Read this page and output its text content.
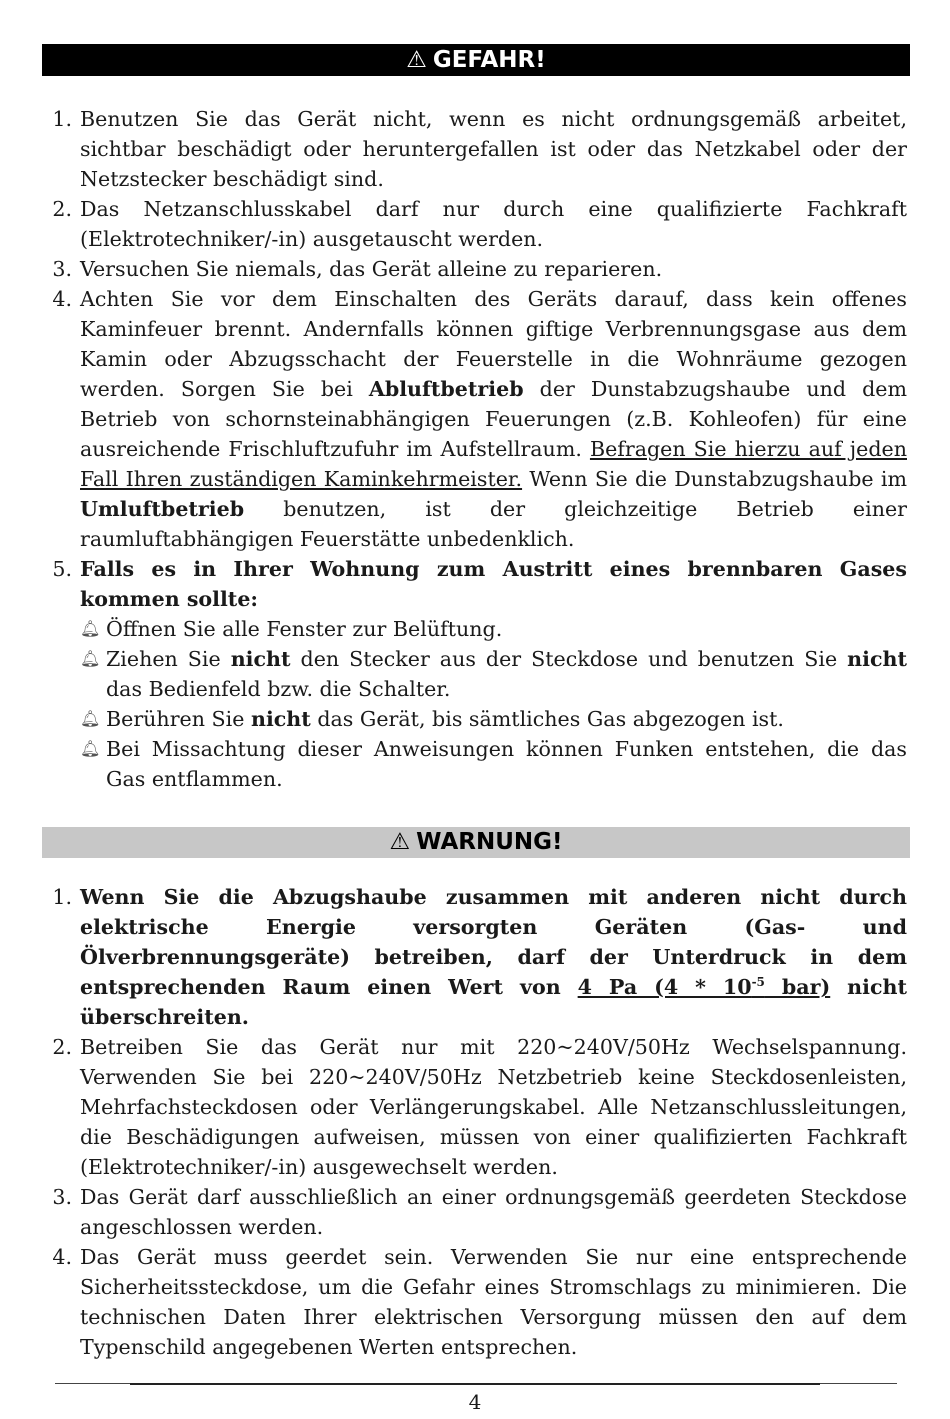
⚠ GEFAHR!
1. Benutzen Sie das Gerät nicht, wenn es nicht ordnungsgemäß arbeitet, sichtbar beschädigt oder heruntergefallen ist oder das Netzkabel oder der Netzstecker beschädigt sind.
2. Das Netzanschlusskabel darf nur durch eine qualifizierte Fachkraft (Elektrotechniker/-in) ausgetauscht werden.
3. Versuchen Sie niemals, das Gerät alleine zu reparieren.
4. Achten Sie vor dem Einschalten des Geräts darauf, dass kein offenes Kaminfeuer brennt. Andernfalls können giftige Verbrennungsgase aus dem Kamin oder Abzugsschacht der Feuerstelle in die Wohnräume gezogen werden. Sorgen Sie bei Abluftbetrieb der Dunstabzugshaube und dem Betrieb von schornsteinabhängigen Feuerungen (z.B. Kohleofen) für eine ausreichende Frischluftzufuhr im Aufstellraum. Befragen Sie hierzu auf jeden Fall Ihren zuständigen Kaminkehrmeister. Wenn Sie die Dunstabzugshaube im Umluftbetrieb benutzen, ist der gleichzeitige Betrieb einer raumluftabhängigen Feuerstätte unbedenklich.
5. Falls es in Ihrer Wohnung zum Austritt eines brennbaren Gases kommen sollte:
🔔︎ Öffnen Sie alle Fenster zur Belüftung.
🔔︎ Ziehen Sie nicht den Stecker aus der Steckdose und benutzen Sie nicht das Bedienfeld bzw. die Schalter.
🔔︎ Berühren Sie nicht das Gerät, bis sämtliches Gas abgezogen ist.
🔔︎ Bei Missachtung dieser Anweisungen können Funken entstehen, die das Gas entflammen.
⚠ WARNUNG!
1. Wenn Sie die Abzugshaube zusammen mit anderen nicht durch elektrische Energie versorgten Geräten (Gas- und Ölverbrennungsgeräte) betreiben, darf der Unterdruck in dem entsprechenden Raum einen Wert von 4 Pa ($4 * 10^{-5}$ bar) nicht überschreiten.
2. Betreiben Sie das Gerät nur mit 220~240V/50Hz Wechselspannung. Verwenden Sie bei 220~240V/50Hz Netzbetrieb keine Steckdosenleisten, Mehrfachsteckdosen oder Verlängerungskabel. Alle Netzanschlussleitungen, die Beschädigungen aufweisen, müssen von einer qualifizierten Fachkraft (Elektrotechniker/-in) ausgewechselt werden.
3. Das Gerät darf ausschließlich an einer ordnungsgemäß geerdeten Steckdose angeschlossen werden.
4. Das Gerät muss geerdet sein. Verwenden Sie nur eine entsprechende Sicherheitssteckdose, um die Gefahr eines Stromschlags zu minimieren. Die technischen Daten Ihrer elektrischen Versorgung müssen den auf dem Typenschild angegebenen Werten entsprechen.
4
